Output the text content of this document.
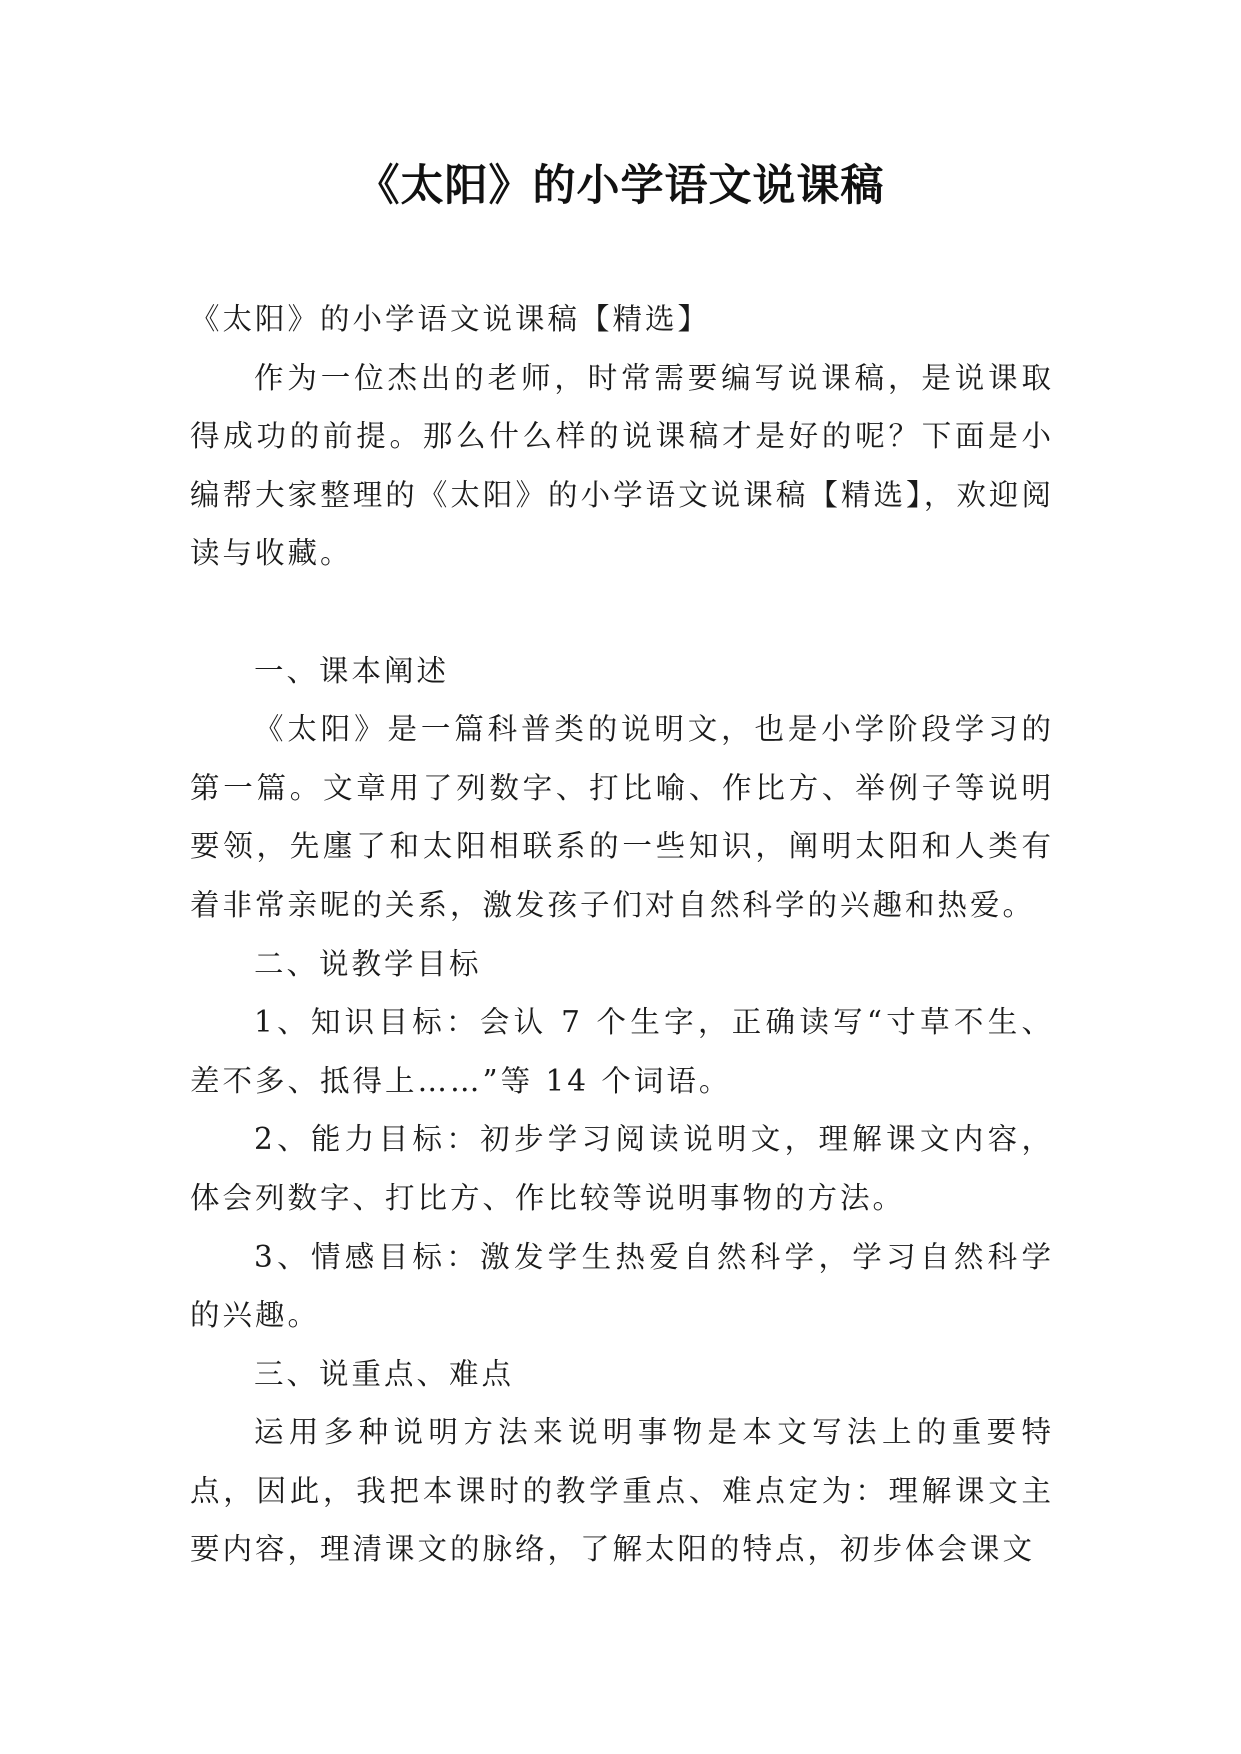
《太阳》的小学语文说课稿

《太阳》的小学语文说课稿【精选】

作为一位杰出的老师，时常需要编写说课稿，是说课取得成功的前提。那么什么样的说课稿才是好的呢？下面是小编帮大家整理的《太阳》的小学语文说课稿【精选】，欢迎阅读与收藏。

一、课本阐述

《太阳》是一篇科普类的说明文，也是小学阶段学习的第一篇。文章用了列数字、打比喻、作比方、举例子等说明要领，先廛了和太阳相联系的一些知识，阐明太阳和人类有着非常亲昵的关系，激发孩子们对自然科学的兴趣和热爱。

二、说教学目标

1、知识目标：会认 7 个生字，正确读写“寸草不生、差不多、抵得上……”等 14 个词语。

2、能力目标：初步学习阅读说明文，理解课文内容，体会列数字、打比方、作比较等说明事物的方法。

3、情感目标：激发学生热爱自然科学，学习自然科学的兴趣。

三、说重点、难点

运用多种说明方法来说明事物是本文写法上的重要特点，因此，我把本课时的教学重点、难点定为：理解课文主要内容，理清课文的脉络，了解太阳的特点，初步体会课文
